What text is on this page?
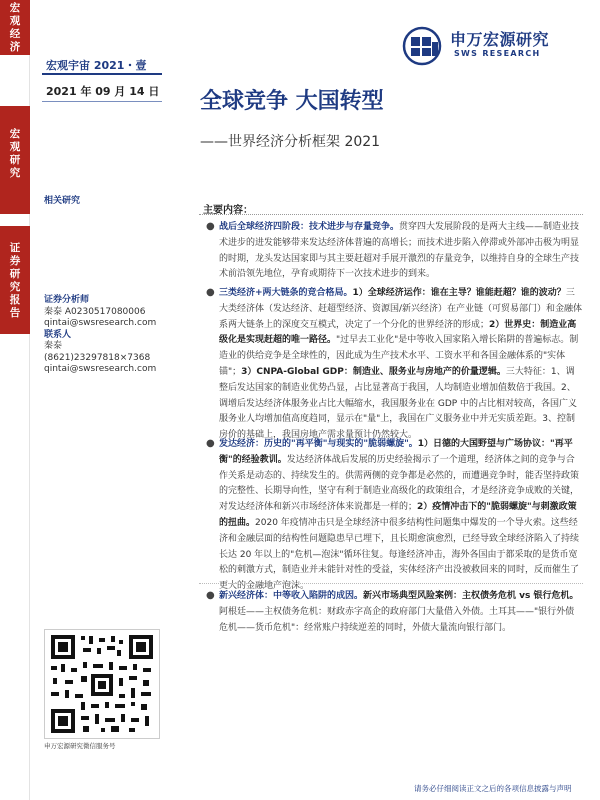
宏
观
经
济
宏
观
研
究
证
券
研
究
报
告
宏观宇宙 2021・壹
2021 年 09 月 14 日
申万宏源研究
SWS RESEARCH
全球竞争 大国转型
——世界经济分析框架 2021
相关研究
证券分析师
秦泰 A0230517080006
qintai@swsresearch.com
联系人
秦泰
(8621)23297818×7368
qintai@swsresearch.com
申万宏源研究微信服务号
主要内容：
● 战后全球经济四阶段：技术进步与存量竞争。贯穿四大发展阶段的是两大主线——制造业技术进步的进发能够带来发达经济体普遍的高增长；而技术进步陷入停滞或外部冲击极为明显的时期，龙头发达国家即与其主要赶超对手展开激烈的存量竞争，以维持自身的全球生产技术前沿领先地位，孕育或期待下一次技术进步的到来。
● 三类经济+两大链条的竞合格局。1）全球经济运作：谁在主导？谁能赶超？谁的波动？三大类经济体（发达经济、赶超型经济、资源国/新兴经济）在产业链（可贸易部门）和金融体系两大链条上的深度交互模式，决定了一个分化的世界经济的形成；2）世界史：制造业高级化是实现赶超的唯一路径。"过早去工业化"是中等收入国家陷入增长陷阱的普遍标志。制造业的供给竞争是全球性的，因此成为生产技术水平、工资水平和各国金融体系的"实体锚"；3）CNPA-Global GDP：制造业、服务业与房地产的价量逻辑。三大特征：1、调整后发达国家的制造业优势凸显，占比显著高于我国，人均制造业增加值数倍于我国。2、调增后发达经济体服务业占比大幅缩水，我国服务业在 GDP 中的占比相对较高，各国广义服务业人均增加值高度趋同，显示在"量"上，我国在广义服务业中并无实质差距。3、控制房价的基础上，我国房地产需求量预计仍然较大。
● 发达经济：历史的"再平衡"与现实的"脆弱螺旋"。1）日德的大国野望与广场协议："再平衡"的经验教训。发达经济体战后发展的历史经验揭示了一个道理，经济体之间的竞争与合作关系是动态的、持续发生的。供需两侧的竞争都是必然的，而遭遇竞争时，能否坚持政策的完整性、长期导向性，坚守有利于制造业高级化的政策组合，才是经济竞争成败的关键，对发达经济体和新兴市场经济体来说都是一样的；2）疫情冲击下的"脆弱螺旋"与刺激政策的扭曲。2020 年疫情冲击只是全球经济中很多结构性问题集中爆发的一个导火索。这些经济和金融层面的结构性问题隐患早已埋下，且长期愈演愈烈，已经导致全球经济陷入了持续长达 20 年以上的"危机—泡沫"循环往复。每逢经济冲击，海外各国由于都采取的是货币宽松的刺激方式，制造业并未能针对性的受益，实体经济产出没被救回来的同时，反而催生了更大的金融地产泡沫。
● 新兴经济体：中等收入陷阱的成因。新兴市场典型风险案例：主权债务危机 vs 银行危机。阿根廷——主权债务危机：财政赤字高企的政府部门大量借入外债。土耳其——"银行外债危机——货币危机"：经常账户持续逆差的同时，外债大量流向银行部门。
请务必仔细阅读正文之后的各项信息披露与声明
